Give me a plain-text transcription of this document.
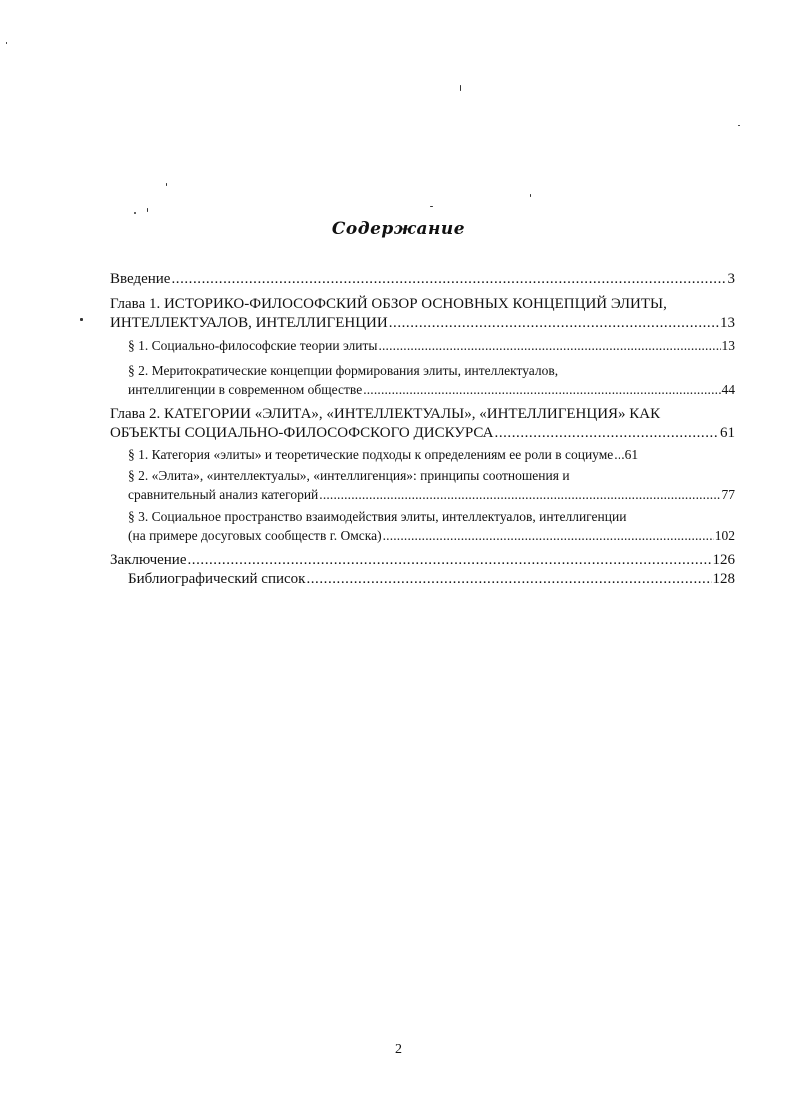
Содержание
Введение . . .	3
Глава 1. ИСТОРИКО-ФИЛОСОФСКИЙ ОБЗОР ОСНОВНЫХ КОНЦЕПЦИЙ ЭЛИТЫ,
ИНТЕЛЛЕКТУАЛОВ, ИНТЕЛЛИГЕНЦИИ . . .	13
§ 1. Социально-философские теории элиты . . .	13
§ 2. Меритократические концепции формирования элиты, интеллектуалов,
интеллигенции в современном обществе . . .	44
Глава 2. КАТЕГОРИИ «ЭЛИТА», «ИНТЕЛЛЕКТУАЛЫ», «ИНТЕЛЛИГЕНЦИЯ» КАК
ОБЪЕКТЫ СОЦИАЛЬНО-ФИЛОСОФСКОГО ДИСКУРСА . . .	61
§ 1. Категория «элиты» и теоретические подходы к определениям ее роли в социуме . . . .61
§ 2. «Элита», «интеллектуалы», «интеллигенция»: принципы соотношения и
сравнительный анализ категорий . . .	77
§ 3. Социальное пространство взаимодействия элиты, интеллектуалов, интеллигенции
(на примере досуговых сообществ г. Омска) . . .	102
Заключение . . .	126
Библиографический список . . .	128
2
